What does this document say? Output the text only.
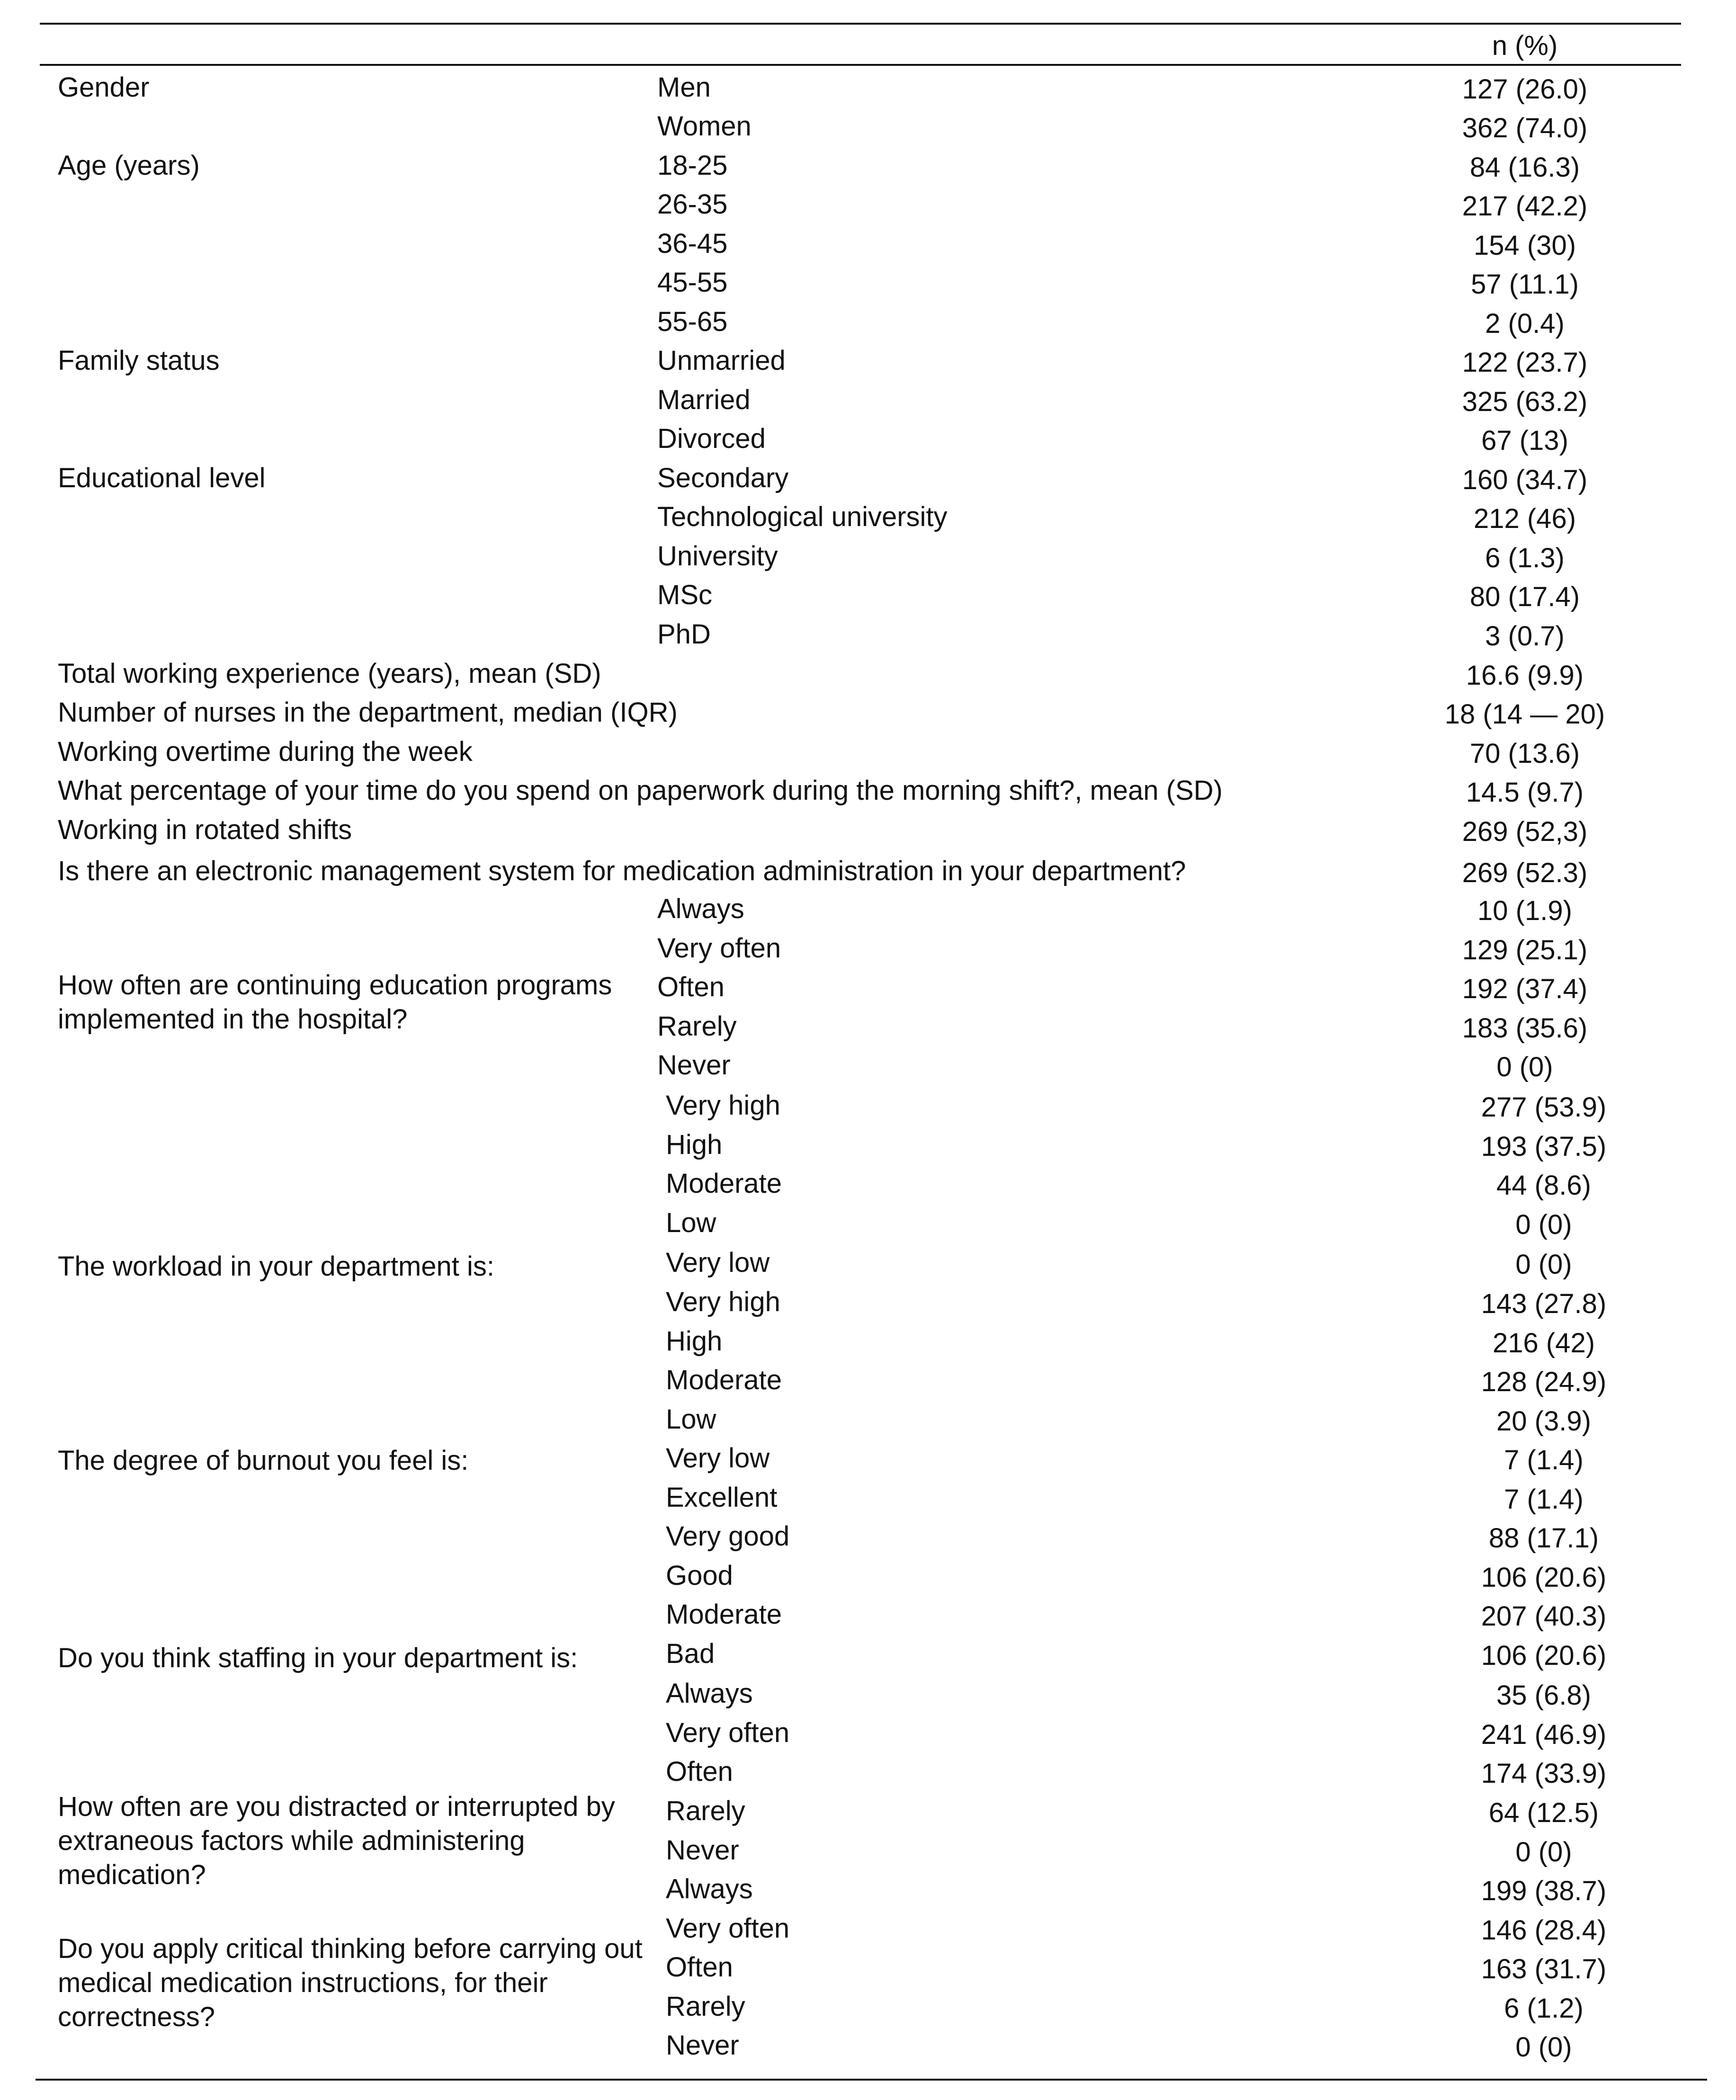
n (%)
Gender	Men	127 (26.0)
Women	362 (74.0)
Age (years)	18-25	84 (16.3)
26-35	217 (42.2)
36-45	154 (30)
45-55	57 (11.1)
55-65	2 (0.4)
Family status	Unmarried	122 (23.7)
Married	325 (63.2)
Divorced	67 (13)
Educational level	Secondary	160 (34.7)
Technological university	212 (46)
University	6 (1.3)
MSc	80 (17.4)
PhD	3 (0.7)
Total working experience (years), mean (SD)	16.6 (9.9)
Number of nurses in the department, median (IQR)	18 (14 — 20)
Working overtime during the week	70 (13.6)
What percentage of your time do you spend on paperwork during the morning shift?, mean (SD)	14.5 (9.7)
Working in rotated shifts	269 (52,3)
Is there an electronic management system for medication administration in your department?	269 (52.3)
How often are continuing education programs implemented in the hospital?
Always	10 (1.9)
Very often	129 (25.1)
Often	192 (37.4)
Rarely	183 (35.6)
Never	0 (0)
The workload in your department is:
Very high	277 (53.9)
High	193 (37.5)
Moderate	44 (8.6)
Low	0 (0)
Very low	0 (0)
The degree of burnout you feel is:
Very high	143 (27.8)
High	216 (42)
Moderate	128 (24.9)
Low	20 (3.9)
Very low	7 (1.4)
Do you think staffing in your department is:
Excellent	7 (1.4)
Very good	88 (17.1)
Good	106 (20.6)
Moderate	207 (40.3)
Bad	106 (20.6)
How often are you distracted or interrupted by extraneous factors while administering medication?
Always	35 (6.8)
Very often	241 (46.9)
Often	174 (33.9)
Rarely	64 (12.5)
Never	0 (0)
Do you apply critical thinking before carrying out medical medication instructions, for their correctness?
Always	199 (38.7)
Very often	146 (28.4)
Often	163 (31.7)
Rarely	6 (1.2)
Never	0 (0)
